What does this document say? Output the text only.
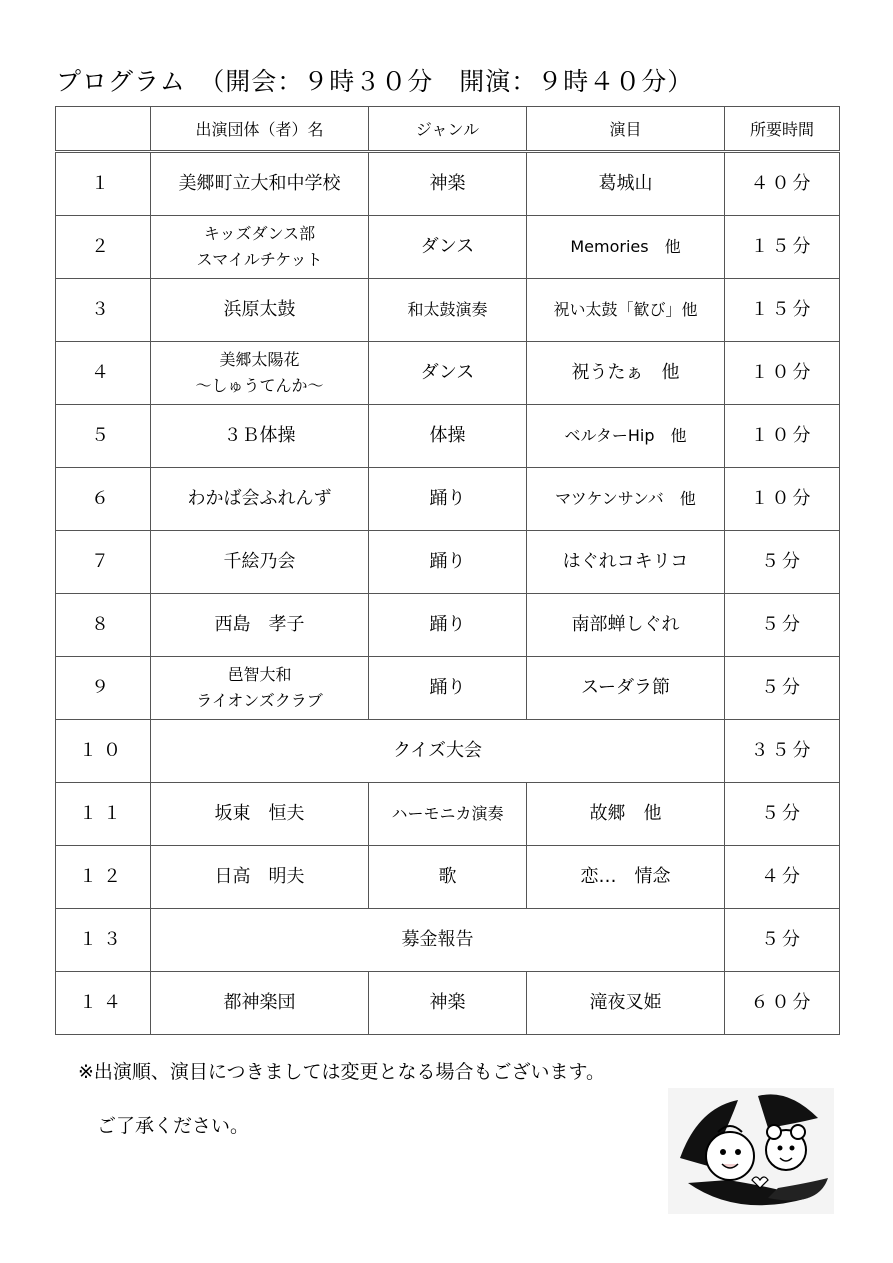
プログラム　（開会：９時３０分　開演：９時４０分）
	出演団体（者）名	ジャンル	演目	所要時間
１	美郷町立大和中学校	神楽	葛城山	４０分
２	キッズダンス部
スマイルチケット	ダンス	Memories　他	１５分
３	浜原太鼓	和太鼓演奏	祝い太鼓「歓び」他	１５分
４	美郷太陽花
～しゅうてんか～	ダンス	祝うたぁ　他	１０分
５	３Ｂ体操	体操	ベルターHip　他	１０分
６	わかば会ふれんず	踊り	マツケンサンバ　他	１０分
７	千絵乃会	踊り	はぐれコキリコ	５分
８	西島　孝子	踊り	南部蝉しぐれ	５分
９	邑智大和
ライオンズクラブ	踊り	スーダラ節	５分
１０	クイズ大会			３５分
１１	坂東　恒夫	ハーモニカ演奏	故郷　他	５分
１２	日高　明夫	歌	恋…　情念	４分
１３	募金報告			５分
１４	都神楽団	神楽	滝夜叉姫	６０分
※出演順、演目につきましては変更となる場合もございます。
ご了承ください。
